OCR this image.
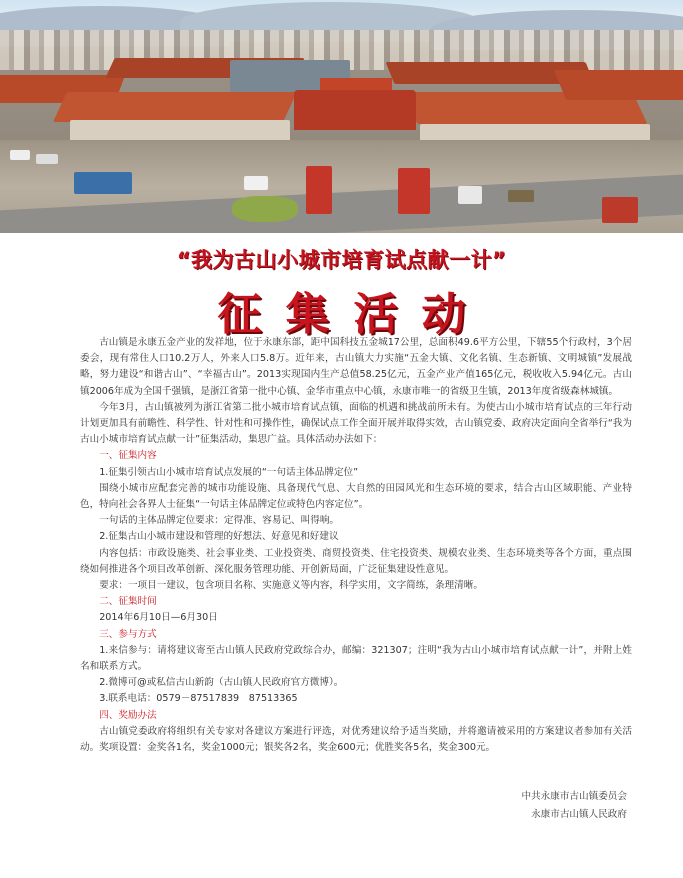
“我为古山小城市培育试点献一计”
征集活动

古山镇是永康五金产业的发祥地，位于永康东部，距中国科技五金城17公里，总面积49.6平方公里，下辖55个行政村，3个居委会，现有常住人口10.2万人，外来人口5.8万。近年来，古山镇大力实施“五金大镇、文化名镇、生态新镇、文明城镇”发展战略，努力建设“和谐古山”、“幸福古山”。2013实现国内生产总值58.25亿元，五金产业产值165亿元，税收收入5.94亿元。古山镇2006年成为全国千强镇，是浙江省第一批中心镇、金华市重点中心镇，永康市唯一的省级卫生镇，2013年度省级森林城镇。

今年3月，古山镇被列为浙江省第二批小城市培育试点镇，面临的机遇和挑战前所未有。为使古山小城市培育试点的三年行动计划更加具有前瞻性、科学性、针对性和可操作性，确保试点工作全面开展并取得实效，古山镇党委、政府决定面向全省举行“我为古山小城市培育试点献一计”征集活动，集思广益。具体活动办法如下：

一、征集内容

1.征集引领古山小城市培育试点发展的“一句话主体品牌定位”

围绕小城市应配套完善的城市功能设施、具备现代气息、大自然的田园风光和生态环境的要求，结合古山区域职能、产业特色，特向社会各界人士征集“一句话主体品牌定位或特色内容定位”。

一句话的主体品牌定位要求：定得准、容易记、叫得响。

2.征集古山小城市建设和管理的好想法、好意见和好建议

内容包括：市政设施类、社会事业类、工业投资类、商贸投资类、住宅投资类、规模农业类、生态环境类等各个方面，重点围绕如何推进各个项目改革创新、深化服务管理功能、开创新局面，广泛征集建设性意见。

要求：一项目一建议，包含项目名称、实施意义等内容，科学实用，文字简练，条理清晰。

二、征集时间

2014年6月10日—6月30日

三、参与方式

1.来信参与：请将建议寄至古山镇人民政府党政综合办，邮编：321307；注明“我为古山小城市培育试点献一计”，并附上姓名和联系方式。

2.微博可@或私信古山新韵（古山镇人民政府官方微博）。

3.联系电话：0579－87517839　87513365

四、奖励办法

古山镇党委政府将组织有关专家对各建议方案进行评选，对优秀建议给予适当奖励，并将邀请被采用的方案建议者参加有关活动。奖项设置：金奖各1名，奖金1000元；银奖各2名，奖金600元；优胜奖各5名，奖金300元。

中共永康市古山镇委员会
永康市古山镇人民政府
